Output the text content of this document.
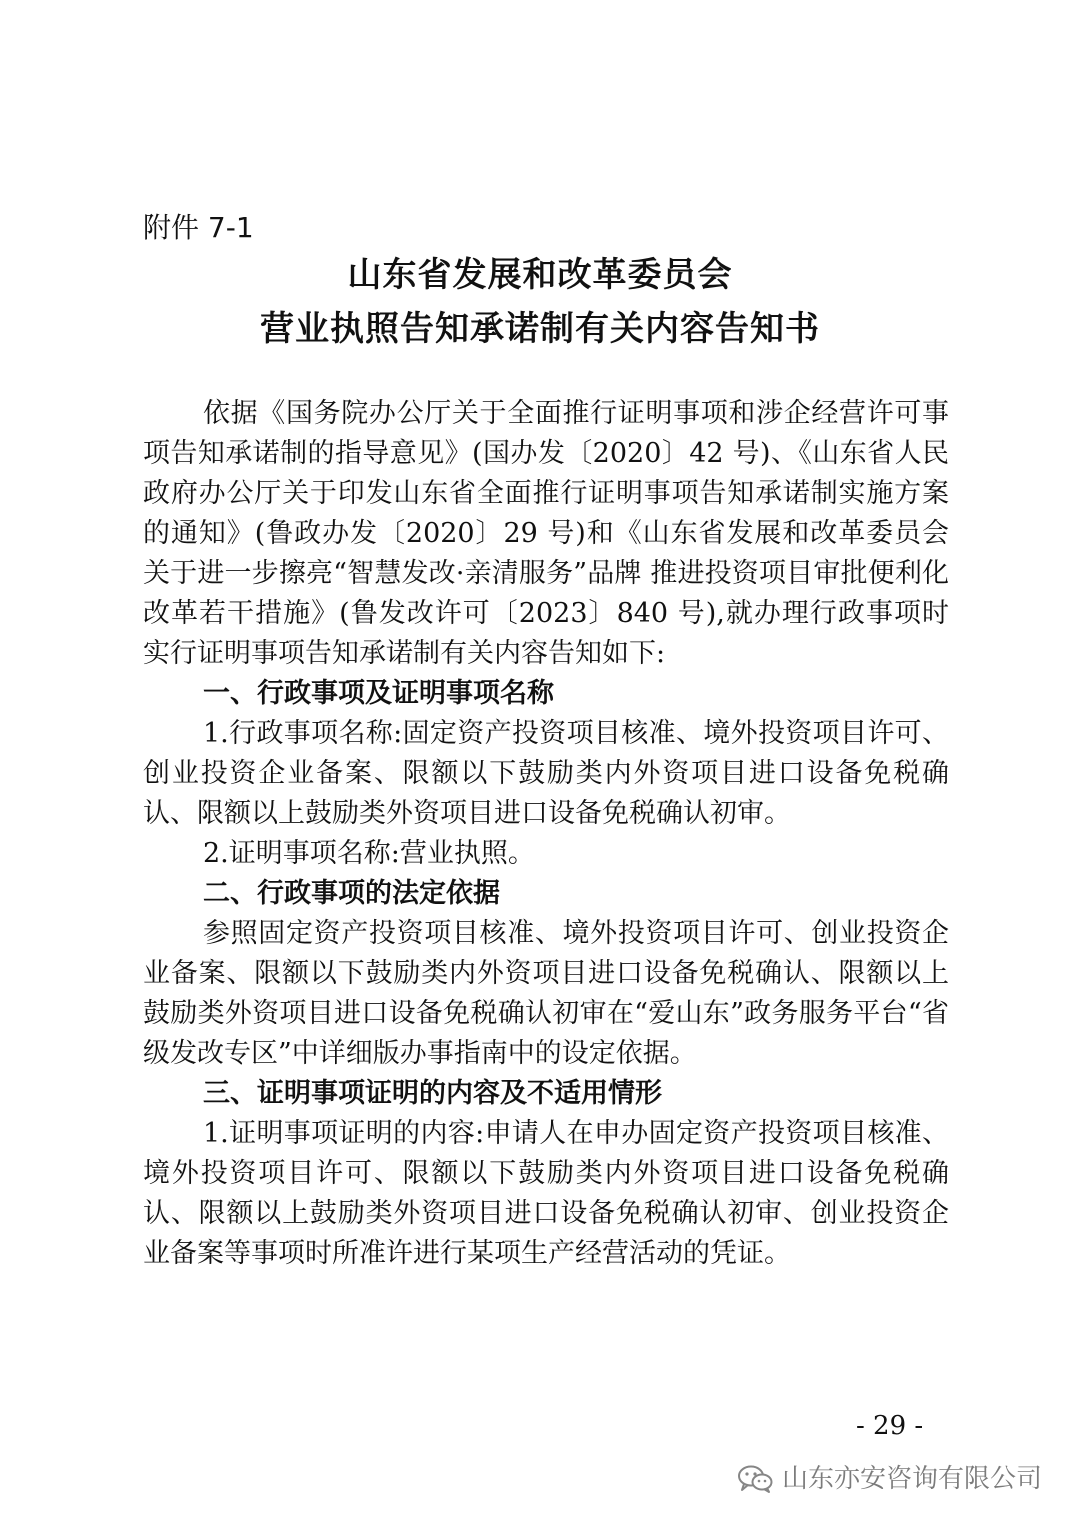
附件 7-1
山东省发展和改革委员会
营业执照告知承诺制有关内容告知书

依据《国务院办公厅关于全面推行证明事项和涉企经营许可事项告知承诺制的指导意见》(国办发〔2020〕42 号)、《山东省人民政府办公厅关于印发山东省全面推行证明事项告知承诺制实施方案的通知》(鲁政办发〔2020〕29 号)和《山东省发展和改革委员会关于进一步擦亮“智慧发改·亲清服务”品牌 推进投资项目审批便利化改革若干措施》(鲁发改许可〔2023〕840 号),就办理行政事项时实行证明事项告知承诺制有关内容告知如下:

一、行政事项及证明事项名称

1.行政事项名称:固定资产投资项目核准、境外投资项目许可、创业投资企业备案、限额以下鼓励类内外资项目进口设备免税确认、限额以上鼓励类外资项目进口设备免税确认初审。

2.证明事项名称:营业执照。

二、行政事项的法定依据

参照固定资产投资项目核准、境外投资项目许可、创业投资企业备案、限额以下鼓励类内外资项目进口设备免税确认、限额以上鼓励类外资项目进口设备免税确认初审在“爱山东”政务服务平台“省级发改专区”中详细版办事指南中的设定依据。

三、证明事项证明的内容及不适用情形

1.证明事项证明的内容:申请人在申办固定资产投资项目核准、境外投资项目许可、限额以下鼓励类内外资项目进口设备免税确认、限额以上鼓励类外资项目进口设备免税确认初审、创业投资企业备案等事项时所准许进行某项生产经营活动的凭证。

- 29 -
山东亦安咨询有限公司
